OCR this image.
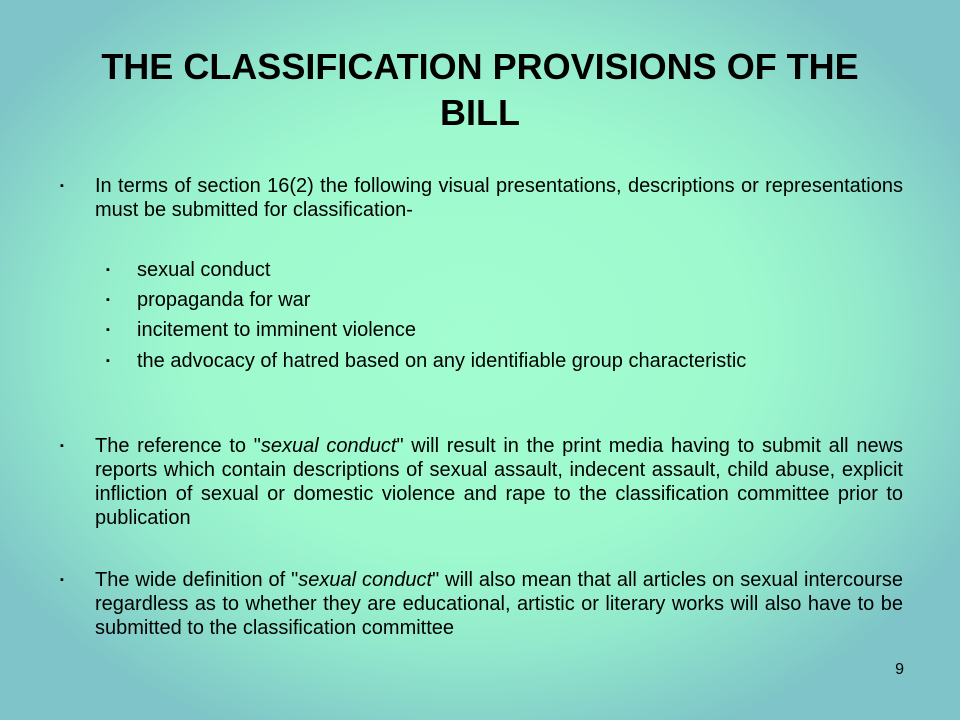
THE CLASSIFICATION PROVISIONS OF THE BILL
▪	In terms of section 16(2) the following visual presentations, descriptions or representations must be submitted for classification-

▪	sexual conduct

▪	propaganda for war

▪	incitement to imminent violence

▪	the advocacy of hatred based on any identifiable group characteristic

▪	The reference to "sexual conduct" will result in the print media having to submit all news reports which contain descriptions of sexual assault, indecent assault, child abuse, explicit infliction of sexual or domestic violence and rape to the classification committee prior to publication

▪	The wide definition of "sexual conduct" will also mean that all articles on sexual intercourse regardless as to whether they are educational, artistic or literary works will also have to be submitted to the classification committee

9
